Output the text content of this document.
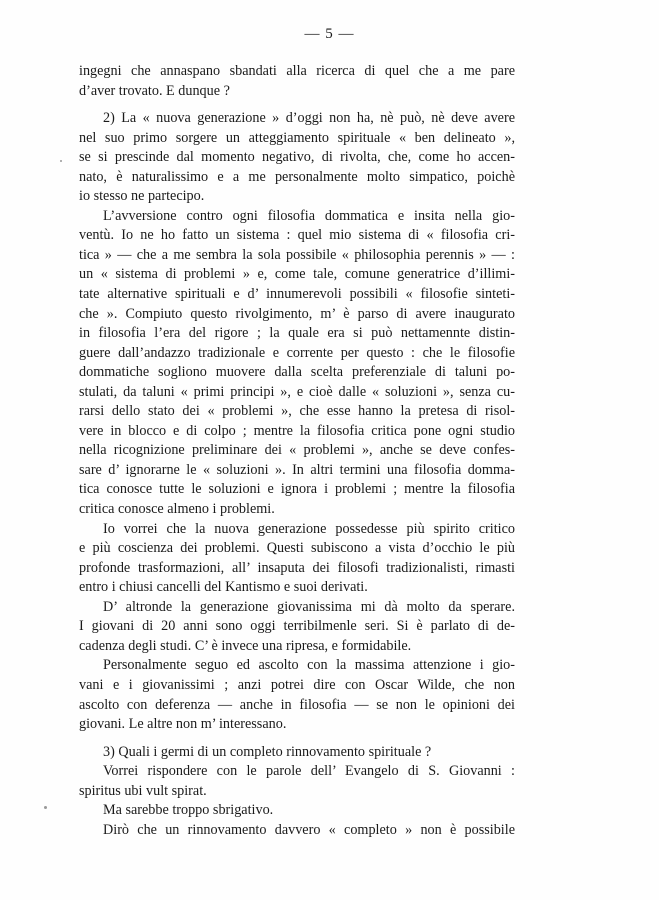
— 5 —

ingegni che annaspano sbandati alla ricerca di quel che a me pare
d’aver trovato. E dunque ?

2) La « nuova generazione » d’oggi non ha, nè può, nè deve avere
nel suo primo sorgere un atteggiamento spirituale « ben delineato »,
se si prescinde dal momento negativo, di rivolta, che, come ho accen-
nato, è naturalissimo e a me personalmente molto simpatico, poichè
io stesso ne partecipo.

L’avversione contro ogni filosofia dommatica e insita nella gio-
ventù. Io ne ho fatto un sistema : quel mio sistema di « filosofia cri-
tica » — che a me sembra la sola possibile « philosophia perennis » — :
un « sistema di problemi » e, come tale, comune generatrice d’illimi-
tate alternative spirituali e d’ innumerevoli possibili « filosofie sinteti-
che ». Compiuto questo rivolgimento, m’ è parso di avere inaugurato
in filosofia l’era del rigore ; la quale era si può nettamennte distin-
guere dall’andazzo tradizionale e corrente per questo : che le filosofie
dommatiche sogliono muovere dalla scelta preferenziale di taluni po-
stulati, da taluni « primi principi », e cioè dalle « soluzioni », senza cu-
rarsi dello stato dei « problemi », che esse hanno la pretesa di risol-
vere in blocco e di colpo ; mentre la filosofia critica pone ogni studio
nella ricognizione preliminare dei « problemi », anche se deve confes-
sare d’ ignorarne le « soluzioni ». In altri termini una filosofia domma-
tica conosce tutte le soluzioni e ignora i problemi ; mentre la filosofia
critica conosce almeno i problemi.

Io vorrei che la nuova generazione possedesse più spirito critico
e più coscienza dei problemi. Questi subiscono a vista d’occhio le più
profonde trasformazioni, all’ insaputa dei filosofi tradizionalisti, rimasti
entro i chiusi cancelli del Kantismo e suoi derivati.

D’ altronde la generazione giovanissima mi dà molto da sperare.
I giovani di 20 anni sono oggi terribilmenle seri. Si è parlato di de-
cadenza degli studi. C’ è invece una ripresa, e formidabile.

Personalmente seguo ed ascolto con la massima attenzione i gio-
vani e i giovanissimi ; anzi potrei dire con Oscar Wilde, che non
ascolto con deferenza — anche in filosofia — se non le opinioni dei
giovani. Le altre non m’ interessano.

3) Quali i germi di un completo rinnovamento spirituale ?

Vorrei rispondere con le parole dell’ Evangelo di S. Giovanni :
spiritus ubi vult spirat.

Ma sarebbe troppo sbrigativo.

Dirò che un rinnovamento davvero « completo » non è possibile
